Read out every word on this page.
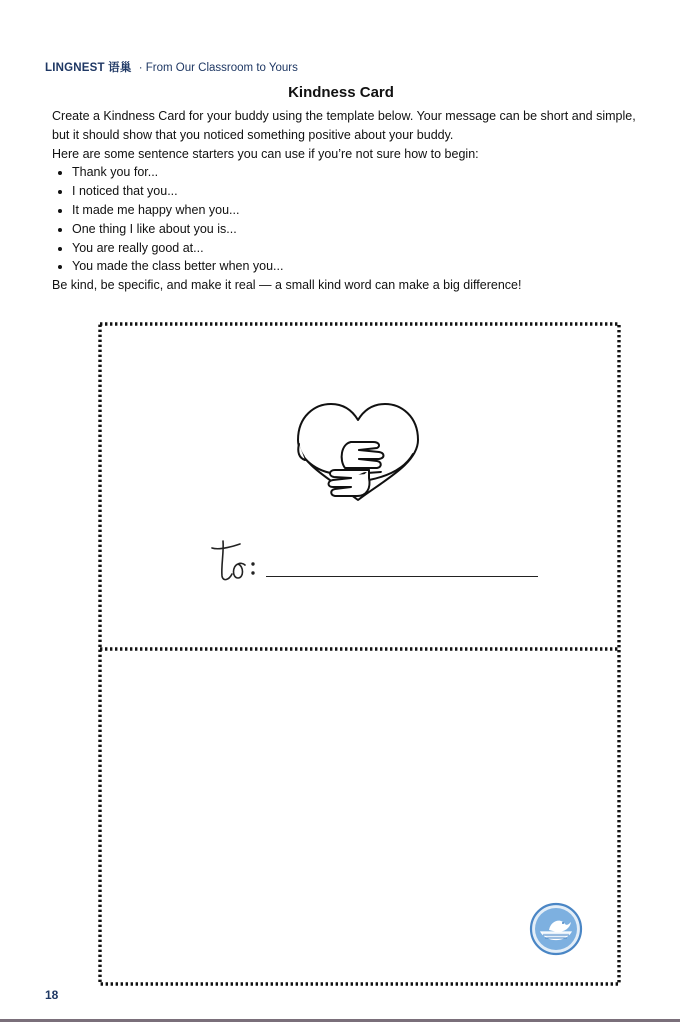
LINGNEST 语巢 · From Our Classroom to Yours
Kindness Card

Create a Kindness Card for your buddy using the template below. Your message can be short and simple, but it should show that you noticed something positive about your buddy.

Here are some sentence starters you can use if you’re not sure how to begin:

• Thank you for...
• I noticed that you...
• It made me happy when you...
• One thing I like about you is...
• You are really good at...
• You made the class better when you...

Be kind, be specific, and make it real — a small kind word can make a big difference!

18
